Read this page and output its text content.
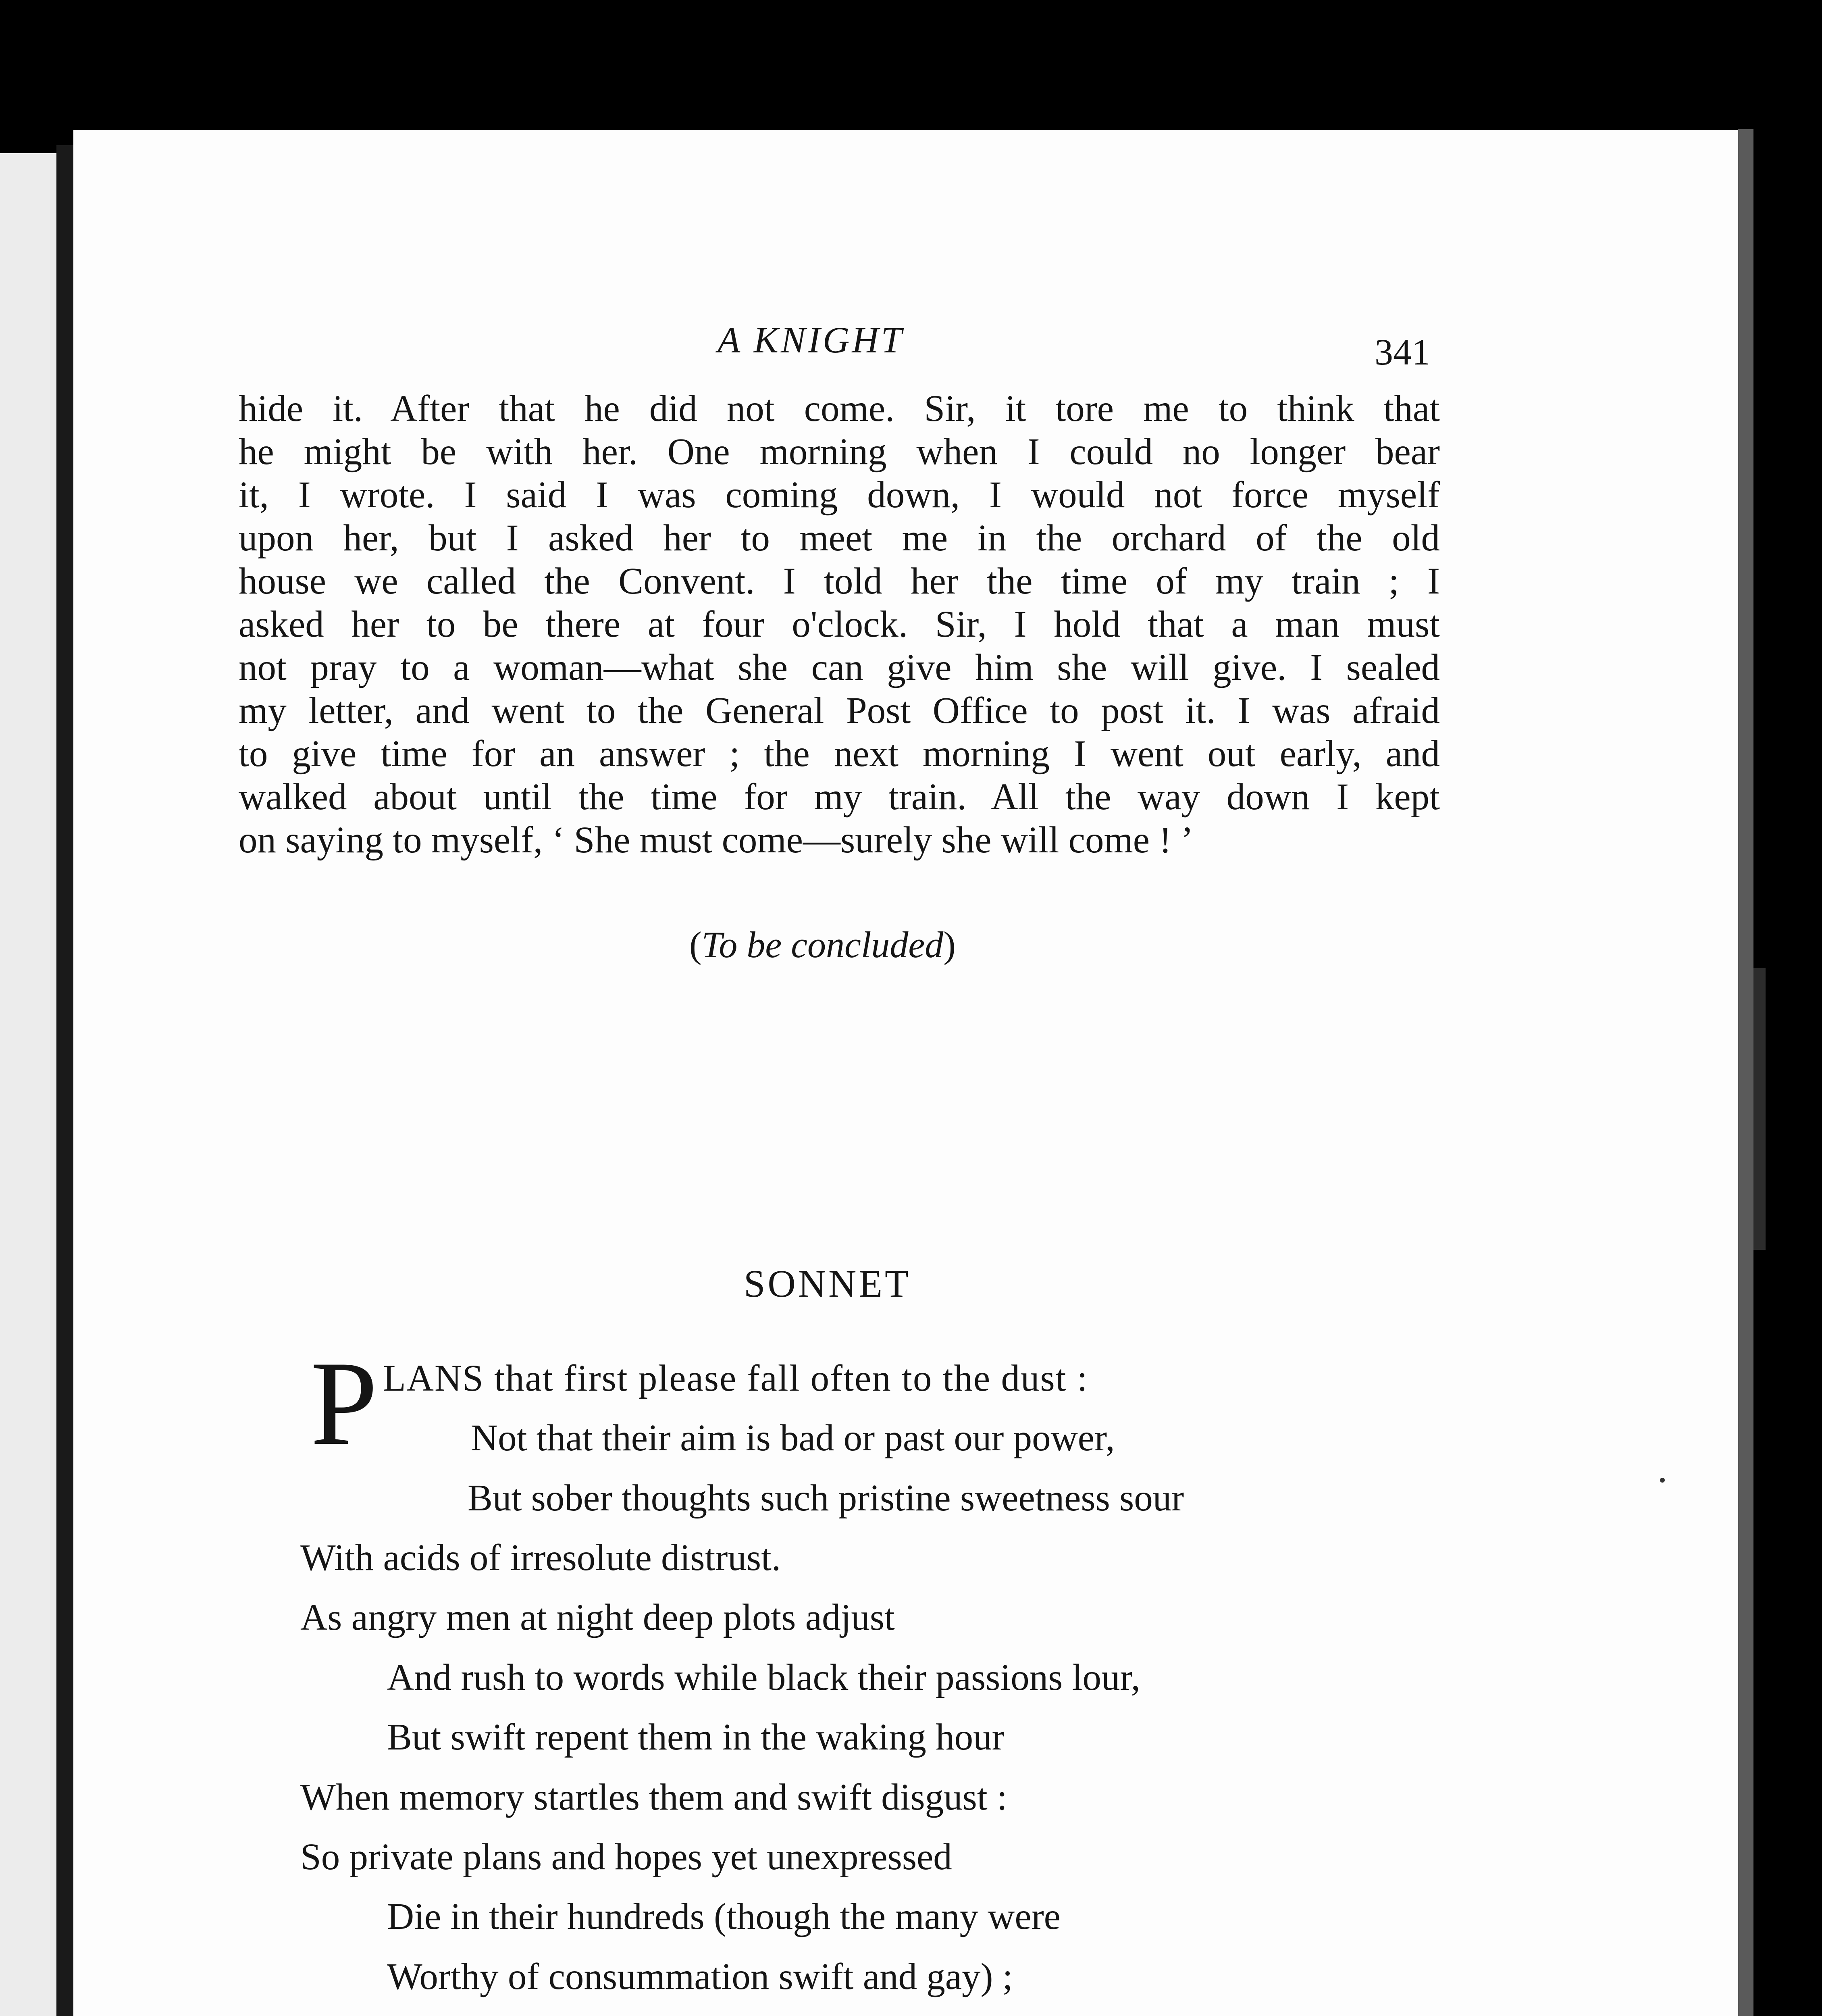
A KNIGHT	341
hide it. After that he did not come. Sir, it tore me to think that
he might be with her. One morning when I could no longer bear
it, I wrote. I said I was coming down, I would not force myself
upon her, but I asked her to meet me in the orchard of the old
house we called the Convent. I told her the time of my train ; I
asked her to be there at four o'clock. Sir, I hold that a man must
not pray to a woman—what she can give him she will give. I sealed
my letter, and went to the General Post Office to post it. I was afraid
to give time for an answer ; the next morning I went out early, and
walked about until the time for my train. All the way down I kept
on saying to myself, ‘ She must come—surely she will come ! ’
(To be concluded)
SONNET
P LANS that first please fall often to the dust :
Not that their aim is bad or past our power,
But sober thoughts such pristine sweetness sour
With acids of irresolute distrust.
As angry men at night deep plots adjust
And rush to words while black their passions lour,
But swift repent them in the waking hour
When memory startles them and swift disgust :
So private plans and hopes yet unexpressed
Die in their hundreds (though the many were
Worthy of consummation swift and gay) ;
